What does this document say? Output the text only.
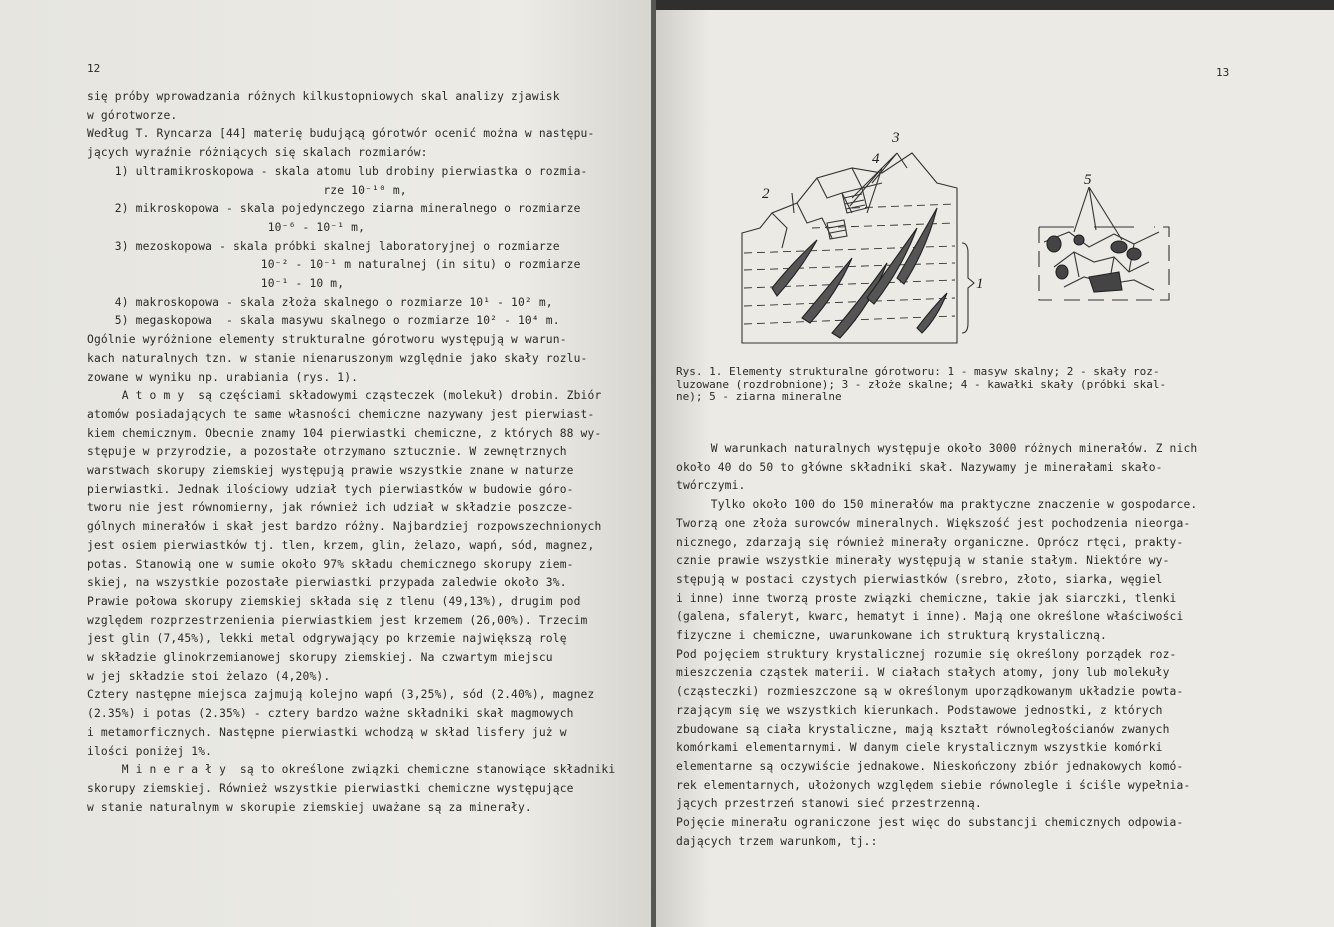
12
się próby wprowadzania różnych kilkustopniowych skal analizy zjawisk
w górotworze.
Według T. Ryncarza [44] materię budującą górotwór ocenić można w następu-
jących wyraźnie różniących się skalach rozmiarów:
1) ultramikroskopowa - skala atomu lub drobiny pierwiastka o rozmia-
rze 10⁻¹⁰ m,
2) mikroskopowa - skala pojedynczego ziarna mineralnego o rozmiarze
10⁻⁶ - 10⁻¹ m,
3) mezoskopowa - skala próbki skalnej laboratoryjnej o rozmiarze
10⁻² - 10⁻¹ m naturalnej (in situ) o rozmiarze
10⁻¹ - 10 m,
4) makroskopowa - skala złoża skalnego o rozmiarze 10¹ - 10² m,
5) megaskopowa  - skala masywu skalnego o rozmiarze 10² - 10⁴ m.
Ogólnie wyróżnione elementy strukturalne górotworu występują w warun-
kach naturalnych tzn. w stanie nienaruszonym względnie jako skały rozlu-
zowane w wyniku np. urabiania (rys. 1).
A t o m y  są częściami składowymi cząsteczek (molekuł) drobin. Zbiór
atomów posiadających te same własności chemiczne nazywany jest pierwiast-
kiem chemicznym. Obecnie znamy 104 pierwiastki chemiczne, z których 88 wy-
stępuje w przyrodzie, a pozostałe otrzymano sztucznie. W zewnętrznych
warstwach skorupy ziemskiej występują prawie wszystkie znane w naturze
pierwiastki. Jednak ilościowy udział tych pierwiastków w budowie góro-
tworu nie jest równomierny, jak również ich udział w składzie poszcze-
gólnych minerałów i skał jest bardzo różny. Najbardziej rozpowszechnionych
jest osiem pierwiastków tj. tlen, krzem, glin, żelazo, wapń, sód, magnez,
potas. Stanowią one w sumie około 97% składu chemicznego skorupy ziem-
skiej, na wszystkie pozostałe pierwiastki przypada zaledwie około 3%.
Prawie połowa skorupy ziemskiej składa się z tlenu (49,13%), drugim pod
względem rozprzestrzenienia pierwiastkiem jest krzemem (26,00%). Trzecim
jest glin (7,45%), lekki metal odgrywający po krzemie największą rolę
w składzie glinokrzemianowej skorupy ziemskiej. Na czwartym miejscu
w jej składzie stoi żelazo (4,20%).
Cztery następne miejsca zajmują kolejno wapń (3,25%), sód (2.40%), magnez
(2.35%) i potas (2.35%) - cztery bardzo ważne składniki skał magmowych
i metamorficznych. Następne pierwiastki wchodzą w skład lisfery już w
ilości poniżej 1%.
M i n e r a ł y  są to określone związki chemiczne stanowiące składniki
skorupy ziemskiej. Również wszystkie pierwiastki chemiczne występujące
w stanie naturalnym w skorupie ziemskiej uważane są za minerały.
13
3
4
2
1
5
Rys. 1. Elementy strukturalne górotworu: 1 - masyw skalny; 2 - skały roz-
luzowane (rozdrobnione); 3 - złoże skalne; 4 - kawałki skały (próbki skal-
ne); 5 - ziarna mineralne
W warunkach naturalnych występuje około 3000 różnych minerałów. Z nich
około 40 do 50 to główne składniki skał. Nazywamy je minerałami skało-
twórczymi.
Tylko około 100 do 150 minerałów ma praktyczne znaczenie w gospodarce.
Tworzą one złoża surowców mineralnych. Większość jest pochodzenia nieorga-
nicznego, zdarzają się również minerały organiczne. Oprócz rtęci, prakty-
cznie prawie wszystkie minerały występują w stanie stałym. Niektóre wy-
stępują w postaci czystych pierwiastków (srebro, złoto, siarka, węgiel
i inne) inne tworzą proste związki chemiczne, takie jak siarczki, tlenki
(galena, sfaleryt, kwarc, hematyt i inne). Mają one określone właściwości
fizyczne i chemiczne, uwarunkowane ich strukturą krystaliczną.
Pod pojęciem struktury krystalicznej rozumie się określony porządek roz-
mieszczenia cząstek materii. W ciałach stałych atomy, jony lub molekuły
(cząsteczki) rozmieszczone są w określonym uporządkowanym układzie powta-
rzającym się we wszystkich kierunkach. Podstawowe jednostki, z których
zbudowane są ciała krystaliczne, mają kształt równoległościanów zwanych
komórkami elementarnymi. W danym ciele krystalicznym wszystkie komórki
elementarne są oczywiście jednakowe. Nieskończony zbiór jednakowych komó-
rek elementarnych, ułożonych względem siebie równolegle i ściśle wypełnia-
jących przestrzeń stanowi sieć przestrzenną.
Pojęcie minerału ograniczone jest więc do substancji chemicznych odpowia-
dających trzem warunkom, tj.:
